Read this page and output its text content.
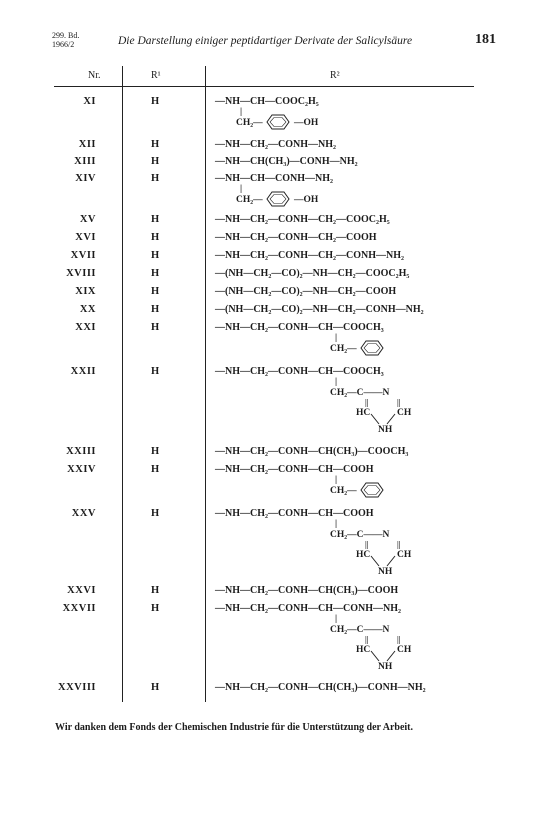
299. Bd.
1966/2	Die Darstellung einiger peptidartiger Derivate der Salicylsäure	181
Nr.	R¹	R²
XI	H	—NH—CH—COOC₂H₅
|
CH₂—	—OH
XII	H	—NH—CH₂—CONH—NH₂
XIII	H	—NH—CH(CH₃)—CONH—NH₂
XIV	H	—NH—CH—CONH—NH₂
|
CH₂—	—OH
XV	H	—NH—CH₂—CONH—CH₂—COOC₂H₅
XVI	H	—NH—CH₂—CONH—CH₂—COOH
XVII	H	—NH—CH₂—CONH—CH₂—CONH—NH₂
XVIII	H	—(NH—CH₂—CO)₂—NH—CH₂—COOC₂H₅
XIX	H	—(NH—CH₂—CO)₂—NH—CH₂—COOH
XX	H	—(NH—CH₂—CO)₂—NH—CH₂—CONH—NH₂
XXI	H	—NH—CH₂—CONH—CH—COOCH₃
|
CH₂—
XXII	H	—NH—CH₂—CONH—CH—COOCH₃
|
CH₂—C——N
||	||
HC	CH
NH
XXIII	H	—NH—CH₂—CONH—CH(CH₃)—COOCH₃
XXIV	H	—NH—CH₂—CONH—CH—COOH
|
CH₂—
XXV	H	—NH—CH₂—CONH—CH—COOH
|
CH₂—C——N
||	||
HC	CH
NH
XXVI	H	—NH—CH₂—CONH—CH(CH₃)—COOH
XXVII	H	—NH—CH₂—CONH—CH—CONH—NH₂
|
CH₂—C——N
||	||
HC	CH
NH
XXVIII	H	—NH—CH₂—CONH—CH(CH₃)—CONH—NH₂
Wir danken dem Fonds der Chemischen Industrie für die Unterstützung der Arbeit.
